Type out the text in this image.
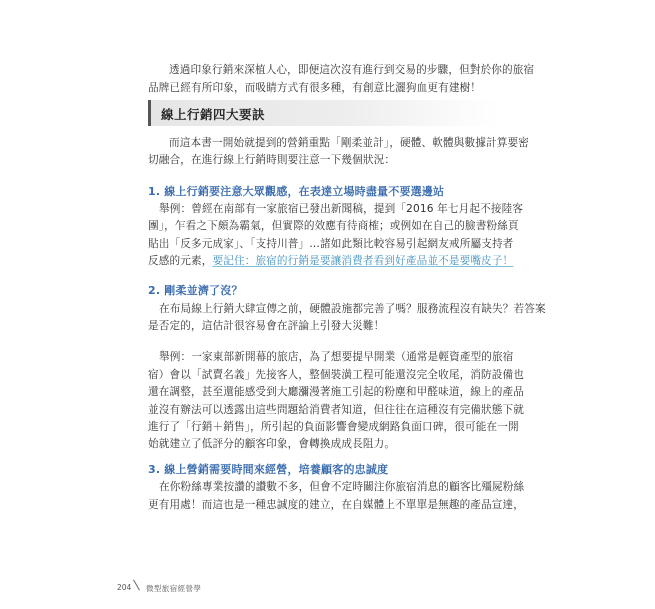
透過印象行銷來深植人心，即便這次沒有進行到交易的步驟，但對於你的旅宿
品牌已經有所印象，而吸睛方式有很多種，有創意比灑狗血更有建樹！
線上行銷四大要訣
而這本書一開始就提到的營銷重點「剛柔並計」，硬體、軟體與數據計算要密
切融合，在進行線上行銷時則要注意一下幾個狀況：
1. 線上行銷要注意大眾觀感，在表達立場時盡量不要選邊站
舉例：曾經在南部有一家旅宿已發出新聞稿，提到「2016 年七月起不接陸客
團」，乍看之下頗為霸氣，但實際的效應有待商榷；或例如在自己的臉書粉絲頁
貼出「反多元成家」、「支持川普」…諸如此類比較容易引起網友戒所屬支持者
反感的元素，要記住：旅宿的行銷是要讓消費者看到好產品並不是要嘴皮子！
2. 剛柔並濟了沒？
在布局線上行銷大肆宣傳之前，硬體設施都完善了嗎？服務流程沒有缺失？若答案
是否定的，這估計很容易會在評論上引發大災難！
舉例：一家東部新開幕的旅店，為了想要提早開業（通常是輕資產型的旅宿
宿）會以「試賣名義」先接客人，整個裝潢工程可能還沒完全收尾，消防設備也
還在調整，甚至還能感受到大廳瀰漫著施工引起的粉塵和甲醛味道，線上的產品
並沒有辦法可以透露出這些問題給消費者知道，但往往在這種沒有完備狀態下就
進行了「行銷＋銷售」，所引起的負面影響會變成網路負面口碑，很可能在一開
始就建立了低評分的顧客印象，會轉換成成長阻力。
3. 線上營銷需要時間來經營，培養顧客的忠誠度
在你粉絲專業按讚的讚數不多，但會不定時關注你旅宿消息的顧客比殭屍粉絲
更有用處！而這也是一種忠誠度的建立，在自媒體上不單單是無趣的產品宣達，
204 微型旅宿經營學
